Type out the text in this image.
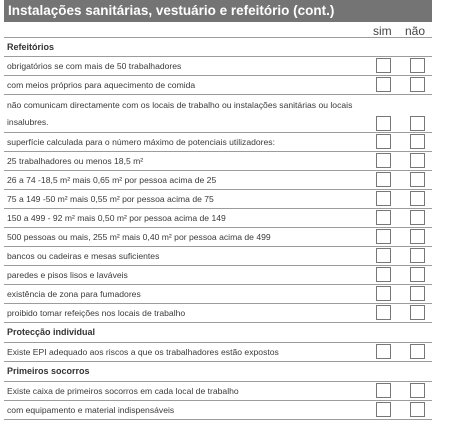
Instalações sanitárias, vestuário e refeitório (cont.)
sim não
Refeitórios
obrigatórios se com mais de 50 trabalhadores
com meios próprios para aquecimento de comida
não comunicam directamente com os locais de trabalho ou instalações sanitárias ou locais insalubres.
superfície calculada para o número máximo de potenciais utilizadores:
25 trabalhadores ou menos 18,5 m²
26 a 74 -18,5 m² mais 0,65 m² por pessoa acima de 25
75 a 149 -50 m² mais 0,55 m² por pessoa acima de 75
150 a 499 - 92 m² mais 0,50 m² por pessoa acima de 149
500 pessoas ou mais, 255 m² mais 0,40 m² por pessoa acima de 499
bancos ou cadeiras e mesas suficientes
paredes e pisos lisos e laváveis
existência de zona para fumadores
proibido tomar refeições nos locais de trabalho
Protecção individual
Existe EPI adequado aos riscos a que os trabalhadores estão expostos
Primeiros socorros
Existe caixa de primeiros socorros em cada local de trabalho
com equipamento e material indispensáveis
